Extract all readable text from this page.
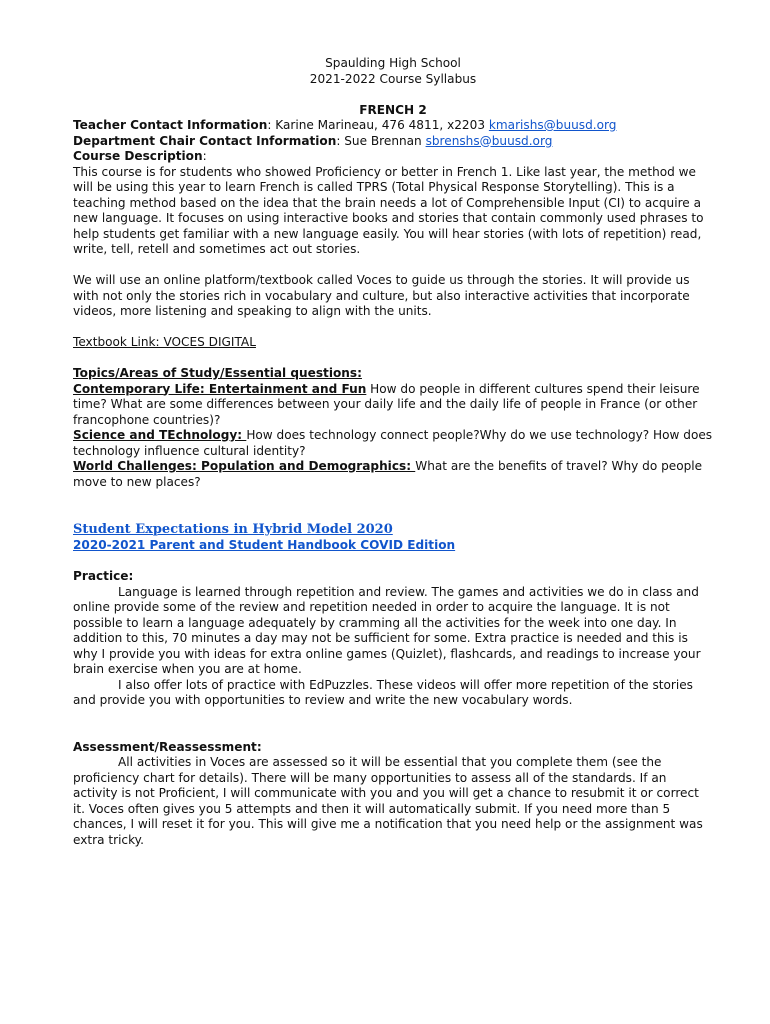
Spaulding High School

2021-2022 Course Syllabus

FRENCH 2

Teacher Contact Information: Karine Marineau, 476 4811, x2203 kmarishs@buusd.org

Department Chair Contact Information: Sue Brennan sbrenshs@buusd.org

Course Description:

This course is for students who showed Proficiency or better in French 1. Like last year, the method we will be using this year to learn French is called TPRS (Total Physical Response Storytelling). This is a teaching method based on the idea that the brain needs a lot of Comprehensible Input (CI) to acquire a new language. It focuses on using interactive books and stories that contain commonly used phrases to help students get familiar with a new language easily. You will hear stories (with lots of repetition) read, write, tell, retell and sometimes act out stories.

We will use an online platform/textbook called Voces to guide us through the stories. It will provide us with not only the stories rich in vocabulary and culture, but also interactive activities that incorporate videos, more listening and speaking to align with the units.

Textbook Link: VOCES DIGITAL

Topics/Areas of Study/Essential questions:

Contemporary Life: Entertainment and Fun How do people in different cultures spend their leisure time? What are some differences between your daily life and the daily life of people in France (or other francophone countries)?

Science and TEchnology: How does technology connect people?Why do we use technology? How does technology influence cultural identity?

World Challenges: Population and Demographics: What are the benefits of travel? Why do people move to new places?

Student Expectations in Hybrid Model 2020

2020-2021 Parent and Student Handbook COVID Edition

Practice:

Language is learned through repetition and review. The games and activities we do in class and online provide some of the review and repetition needed in order to acquire the language. It is not possible to learn a language adequately by cramming all the activities for the week into one day. In addition to this, 70 minutes a day may not be sufficient for some. Extra practice is needed and this is why I provide you with ideas for extra online games (Quizlet), flashcards, and readings to increase your brain exercise when you are at home.

I also offer lots of practice with EdPuzzles. These videos will offer more repetition of the stories and provide you with opportunities to review and write the new vocabulary words.

Assessment/Reassessment:

All activities in Voces are assessed so it will be essential that you complete them (see the proficiency chart for details). There will be many opportunities to assess all of the standards. If an activity is not Proficient, I will communicate with you and you will get a chance to resubmit it or correct it. Voces often gives you 5 attempts and then it will automatically submit. If you need more than 5 chances, I will reset it for you. This will give me a notification that you need help or the assignment was extra tricky.
